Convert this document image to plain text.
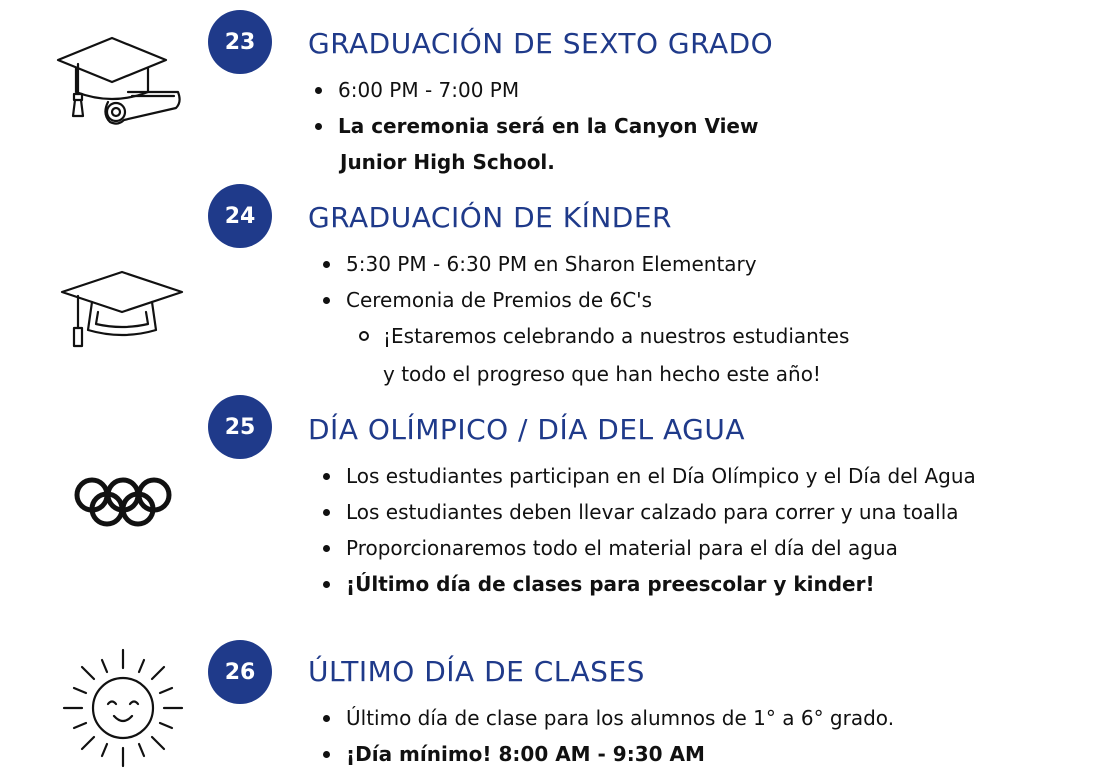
23	GRADUACIÓN DE SEXTO GRADO
6:00 PM - 7:00 PM
La ceremonia será en la Canyon View
Junior High School.
24	GRADUACIÓN DE KÍNDER
5:30 PM - 6:30 PM en Sharon Elementary
Ceremonia de Premios de 6C's
¡Estaremos celebrando a nuestros estudiantes
y todo el progreso que han hecho este año!
25	DÍA OLÍMPICO / DÍA DEL AGUA
Los estudiantes participan en el Día Olímpico y el Día del Agua
Los estudiantes deben llevar calzado para correr y una toalla
Proporcionaremos todo el material para el día del agua
¡Último día de clases para preescolar y kinder!
26	ÚLTIMO DÍA DE CLASES
Último día de clase para los alumnos de 1° a 6° grado.
¡Día mínimo! 8:00 AM - 9:30 AM
